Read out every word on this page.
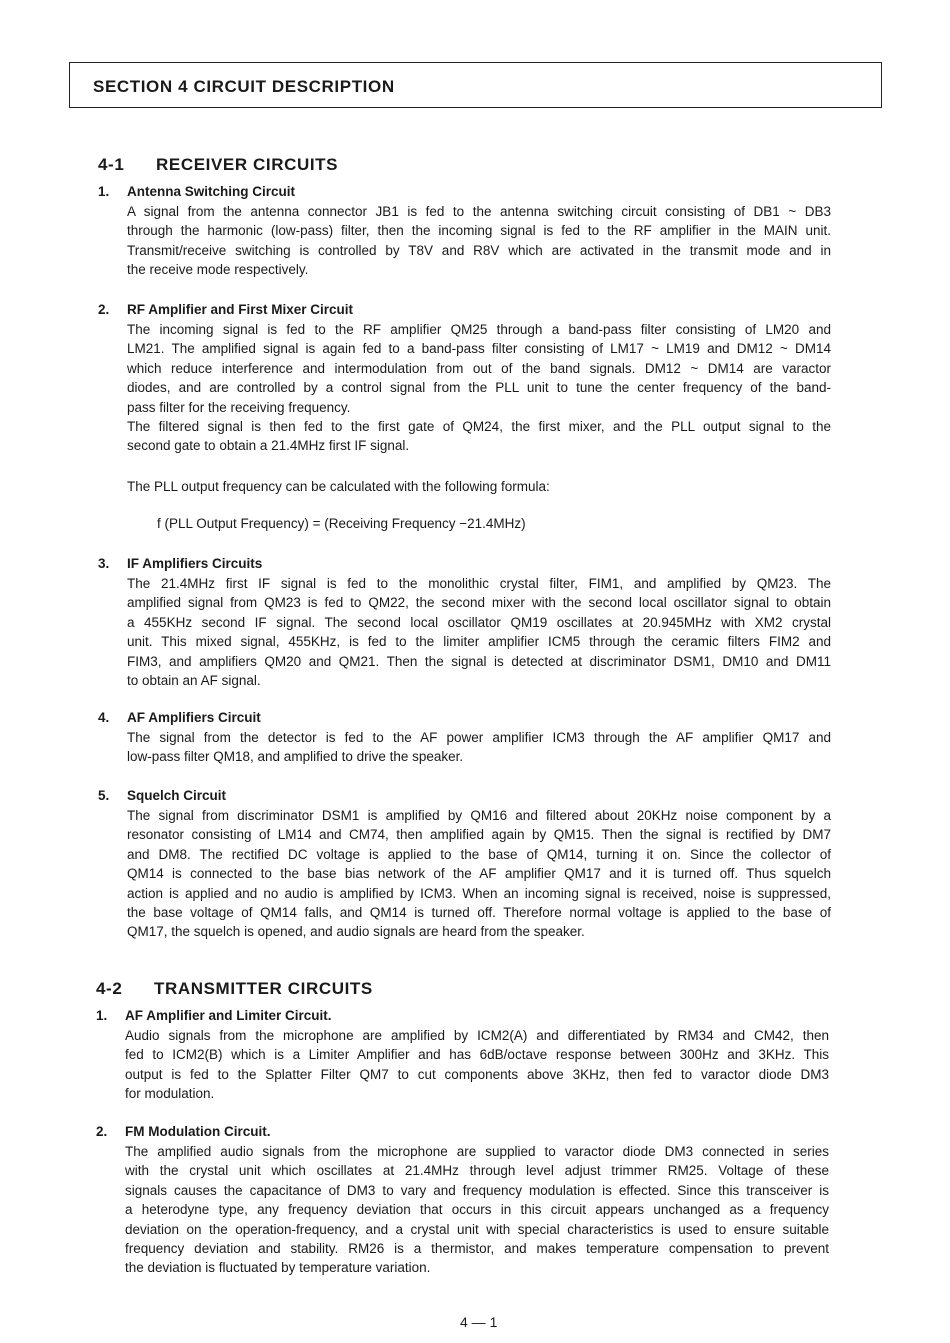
SECTION 4 CIRCUIT DESCRIPTION
4-1 RECEIVER CIRCUITS
1. Antenna Switching Circuit
A signal from the antenna connector JB1 is fed to the antenna switching circuit consisting of DB1 ~ DB3
through the harmonic (low-pass) filter, then the incoming signal is fed to the RF amplifier in the MAIN unit.
Transmit/receive switching is controlled by T8V and R8V which are activated in the transmit mode and in
the receive mode respectively.
2. RF Amplifier and First Mixer Circuit
The incoming signal is fed to the RF amplifier QM25 through a band-pass filter consisting of LM20 and
LM21. The amplified signal is again fed to a band-pass filter consisting of LM17 ~ LM19 and DM12 ~ DM14
which reduce interference and intermodulation from out of the band signals. DM12 ~ DM14 are varactor
diodes, and are controlled by a control signal from the PLL unit to tune the center frequency of the band-
pass filter for the receiving frequency.
The filtered signal is then fed to the first gate of QM24, the first mixer, and the PLL output signal to the
second gate to obtain a 21.4MHz first IF signal.
The PLL output frequency can be calculated with the following formula:
f (PLL Output Frequency) = (Receiving Frequency −21.4MHz)
3. IF Amplifiers Circuits
The 21.4MHz first IF signal is fed to the monolithic crystal filter, FIM1, and amplified by QM23. The
amplified signal from QM23 is fed to QM22, the second mixer with the second local oscillator signal to obtain
a 455KHz second IF signal. The second local oscillator QM19 oscillates at 20.945MHz with XM2 crystal
unit. This mixed signal, 455KHz, is fed to the limiter amplifier ICM5 through the ceramic filters FIM2 and
FIM3, and amplifiers QM20 and QM21. Then the signal is detected at discriminator DSM1, DM10 and DM11
to obtain an AF signal.
4. AF Amplifiers Circuit
The signal from the detector is fed to the AF power amplifier ICM3 through the AF amplifier QM17 and
low-pass filter QM18, and amplified to drive the speaker.
5. Squelch Circuit
The signal from discriminator DSM1 is amplified by QM16 and filtered about 20KHz noise component by a
resonator consisting of LM14 and CM74, then amplified again by QM15. Then the signal is rectified by DM7
and DM8. The rectified DC voltage is applied to the base of QM14, turning it on. Since the collector of
QM14 is connected to the base bias network of the AF amplifier QM17 and it is turned off. Thus squelch
action is applied and no audio is amplified by ICM3. When an incoming signal is received, noise is suppressed,
the base voltage of QM14 falls, and QM14 is turned off. Therefore normal voltage is applied to the base of
QM17, the squelch is opened, and audio signals are heard from the speaker.
4-2 TRANSMITTER CIRCUITS
1. AF Amplifier and Limiter Circuit.
Audio signals from the microphone are amplified by ICM2(A) and differentiated by RM34 and CM42, then
fed to ICM2(B) which is a Limiter Amplifier and has 6dB/octave response between 300Hz and 3KHz. This
output is fed to the Splatter Filter QM7 to cut components above 3KHz, then fed to varactor diode DM3
for modulation.
2. FM Modulation Circuit.
The amplified audio signals from the microphone are supplied to varactor diode DM3 connected in series
with the crystal unit which oscillates at 21.4MHz through level adjust trimmer RM25. Voltage of these
signals causes the capacitance of DM3 to vary and frequency modulation is effected. Since this transceiver is
a heterodyne type, any frequency deviation that occurs in this circuit appears unchanged as a frequency
deviation on the operation-frequency, and a crystal unit with special characteristics is used to ensure suitable
frequency deviation and stability. RM26 is a thermistor, and makes temperature compensation to prevent
the deviation is fluctuated by temperature variation.
4 — 1
